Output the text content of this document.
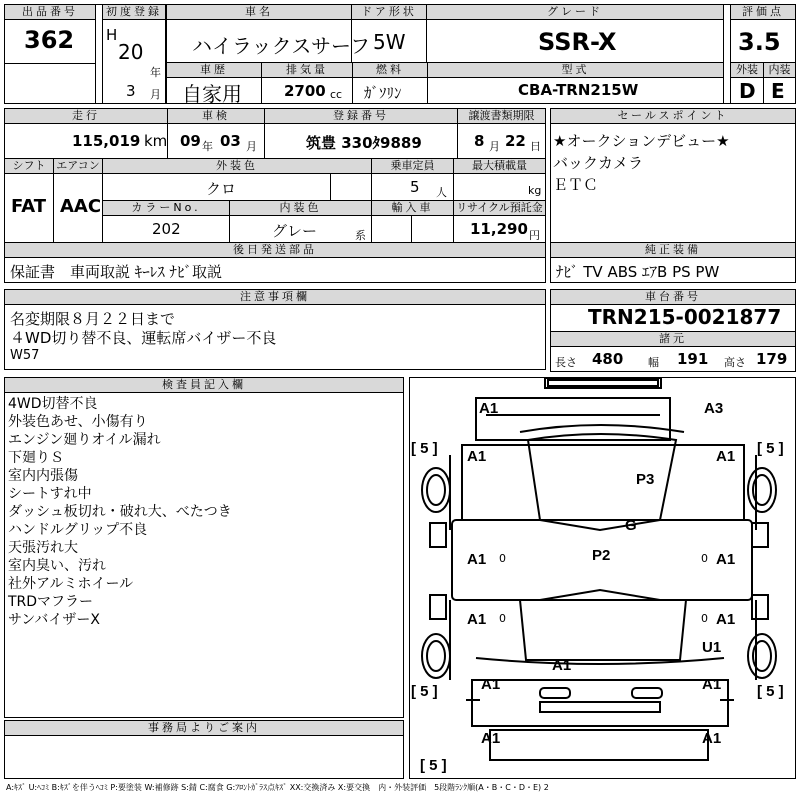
出品番号
362
初度登録
H
20
年
3 月
車名
ハイラックスサーフ
ドア形状
5W
グレード
SSR-X
評価点
3.5
車歴
自家用
排気量
2700 cc
燃料
ｶﾞｿﾘﾝ
型式
CBA-TRN215W
外装
D
内装
E
走行
115,019 km
車検
09 年 03 月
登録番号
筑豊 330ﾀ9889
譲渡書類期限
8 月 22 日
シフト
FAT
エアコン
AAC
外装色
クロ
乗車定員
5 人
最大積載量
kg
カラーNo.
202
内装色
グレー	系
輸入車	リサイクル預託金
11,290 円
後日発送部品
保証書　車両取説 ｷｰﾚｽ ﾅﾋﾞ取説
セールスポイント
★オークションデビュー★
バックカメラ
ＥＴＣ
純正装備
ﾅﾋﾞ TV ABS ｴｱB PS PW
注意事項欄
名変期限８月２２日まで
４WD切り替不良、運転席バイザー不良
W57
車台番号
TRN215-0021877
諸元
長さ 480 幅 191 高さ 179
検査員記入欄
4WD切替不良
外装色あせ、小傷有り
エンジン廻りオイル漏れ
下廻りＳ
室内内張傷
シートすれ中
ダッシュ板切れ・破れ大、べたつき
ハンドルグリップ不良
天張汚れ大
室内臭い、汚れ
社外アルミホイール
TRDマフラー
サンバイザーX
事務局よりご案内
A1	A3
A1	A1
P3
G
P2
A1	A1
A1	A1
U1
A1
A1	A1
A1	A1
[ 5 ]	[ 5 ]
[ 5 ]	[ 5 ]
[ 5 ]
0	0
0	0
A:ｷｽﾞ U:ﾍｺﾐ B:ｷｽﾞを伴うﾍｺﾐ P:要塗装 W:補修跡 S:錆 C:腐食 G:ﾌﾛﾝﾄｶﾞﾗｽ点ｷｽﾞ XX:交換済み X:要交換　内・外装評価　5段階ﾗﾝｸ順(A・B・C・D・E) 2
